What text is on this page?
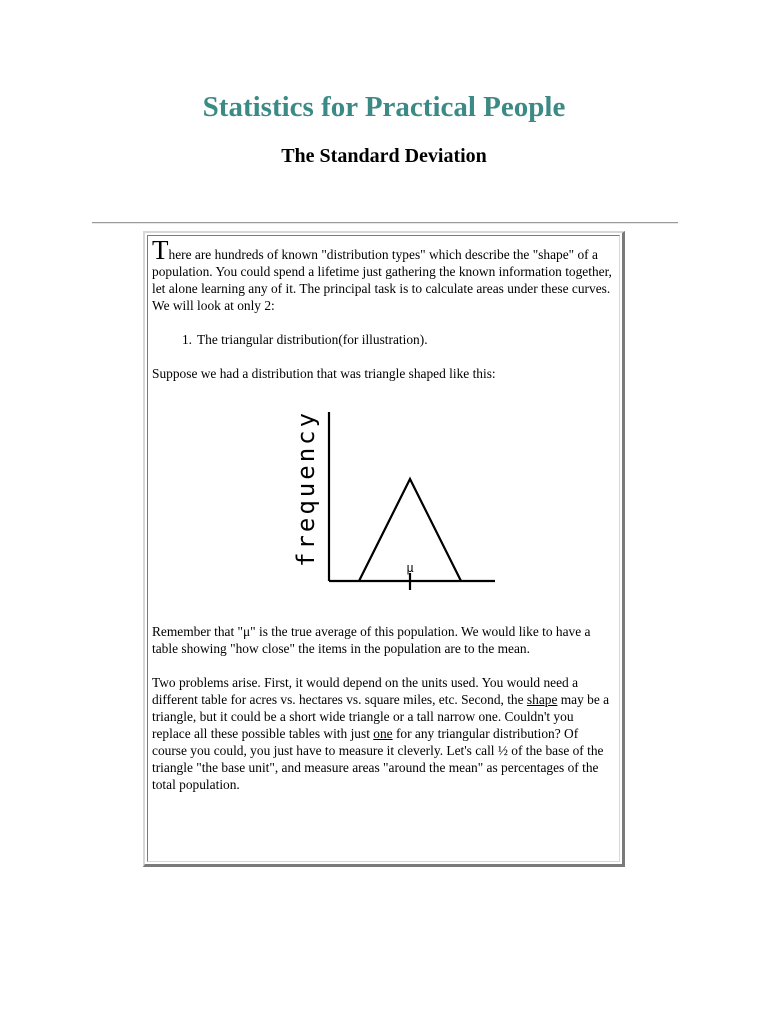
Statistics for Practical People
The Standard Deviation

There are hundreds of known "distribution types" which describe the "shape" of a population. You could spend a lifetime just gathering the known information together, let alone learning any of it. The principal task is to calculate areas under these curves. We will look at only 2:

1. The triangular distribution(for illustration).

Suppose we had a distribution that was triangle shaped like this:

μ
frequency

Remember that "μ" is the true average of this population. We would like to have a table showing "how close" the items in the population are to the mean.

Two problems arise. First, it would depend on the units used. You would need a different table for acres vs. hectares vs. square miles, etc. Second, the shape may be a triangle, but it could be a short wide triangle or a tall narrow one. Couldn't you replace all these possible tables with just one for any triangular distribution? Of course you could, you just have to measure it cleverly. Let's call ½ of the base of the triangle "the base unit", and measure areas "around the mean" as percentages of the total population.
